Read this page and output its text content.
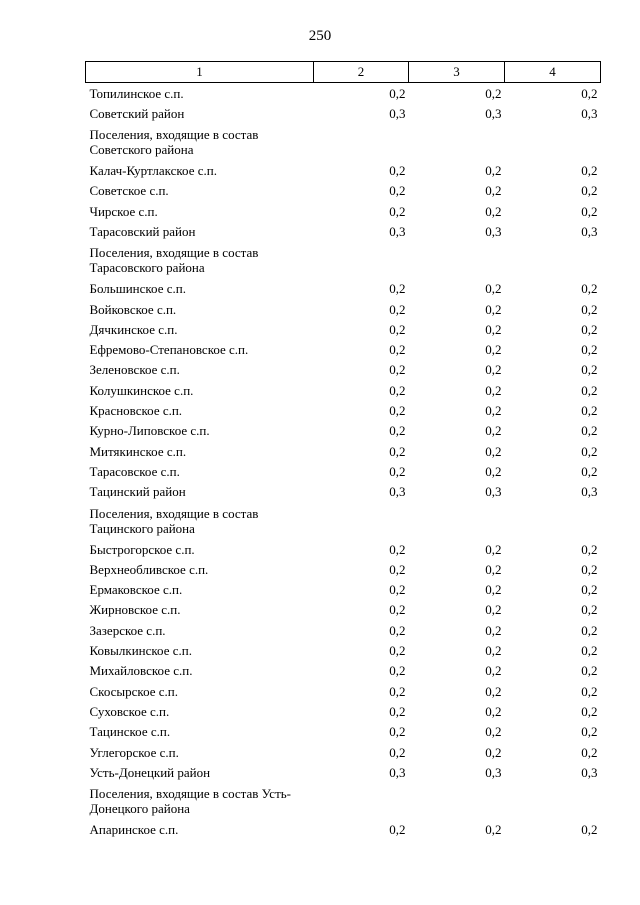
250
1	2	3	4
Топилинское с.п.	0,2	0,2	0,2
Советский район	0,3	0,3	0,3
Поселения, входящие в состав Советского района			
Калач-Куртлакское с.п.	0,2	0,2	0,2
Советское с.п.	0,2	0,2	0,2
Чирское с.п.	0,2	0,2	0,2
Тарасовский район	0,3	0,3	0,3
Поселения, входящие в состав Тарасовского района			
Большинское с.п.	0,2	0,2	0,2
Войковское с.п.	0,2	0,2	0,2
Дячкинское с.п.	0,2	0,2	0,2
Ефремово-Степановское с.п.	0,2	0,2	0,2
Зеленовское с.п.	0,2	0,2	0,2
Колушкинское с.п.	0,2	0,2	0,2
Красновское с.п.	0,2	0,2	0,2
Курно-Липовское с.п.	0,2	0,2	0,2
Митякинское с.п.	0,2	0,2	0,2
Тарасовское с.п.	0,2	0,2	0,2
Тацинский район	0,3	0,3	0,3
Поселения, входящие в состав Тацинского района			
Быстрогорское с.п.	0,2	0,2	0,2
Верхнеобливское с.п.	0,2	0,2	0,2
Ермаковское с.п.	0,2	0,2	0,2
Жирновское с.п.	0,2	0,2	0,2
Зазерское с.п.	0,2	0,2	0,2
Ковылкинское с.п.	0,2	0,2	0,2
Михайловское с.п.	0,2	0,2	0,2
Скосырское с.п.	0,2	0,2	0,2
Суховское с.п.	0,2	0,2	0,2
Тацинское с.п.	0,2	0,2	0,2
Углегорское с.п.	0,2	0,2	0,2
Усть-Донецкий район	0,3	0,3	0,3
Поселения, входящие в состав Усть-Донецкого района			
Апаринское с.п.	0,2	0,2	0,2
